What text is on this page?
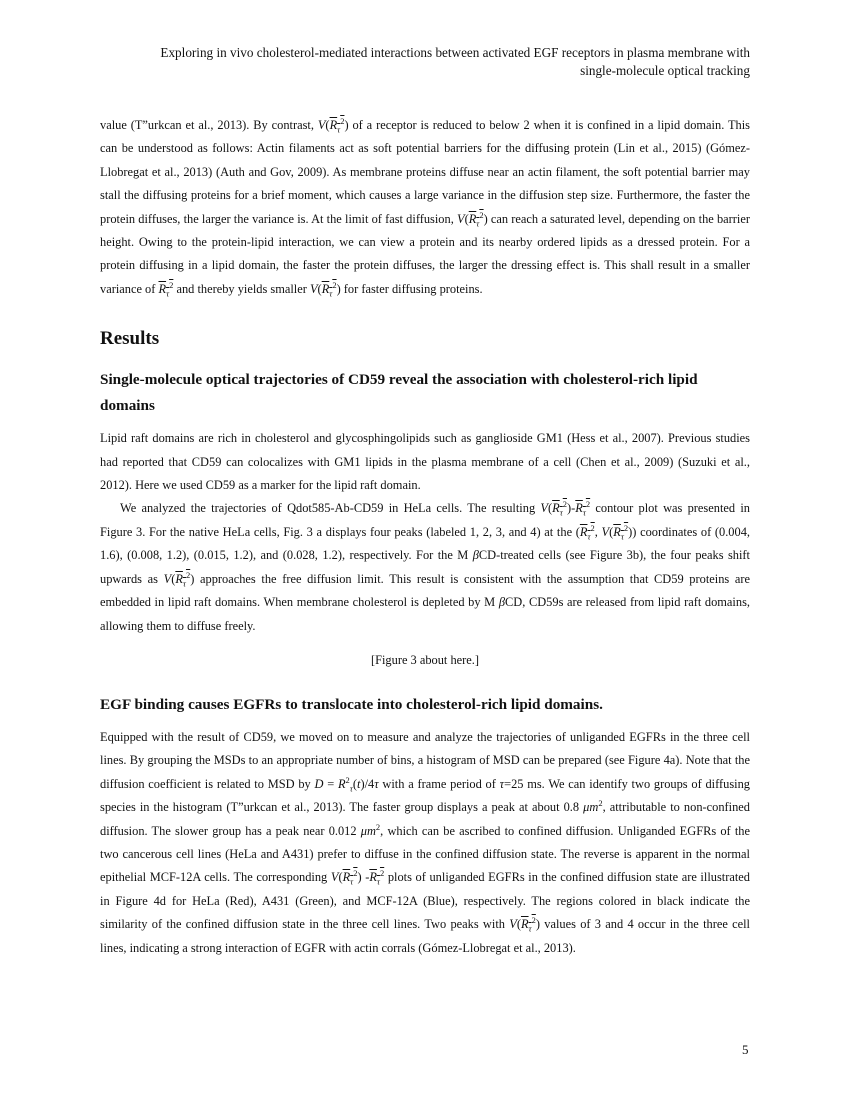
Exploring in vivo cholesterol-mediated interactions between activated EGF receptors in plasma membrane with
single-molecule optical tracking

value (T”urkcan et al., 2013). By contrast, $V(R_\tau^2)$ of a receptor is reduced to below 2 when it is confined in a lipid domain. This can be understood as follows: Actin filaments act as soft potential barriers for the diffusing protein (Lin et al., 2015) (Gómez-Llobregat et al., 2013) (Auth and Gov, 2009). As membrane proteins diffuse near an actin filament, the soft potential barrier may stall the diffusing proteins for a brief moment, which causes a large variance in the diffusion step size. Furthermore, the faster the protein diffuses, the larger the variance is. At the limit of fast diffusion, $V(R_\tau^2)$ can reach a saturated level, depending on the barrier height. Owing to the protein-lipid interaction, we can view a protein and its nearby ordered lipids as a dressed protein. For a protein diffusing in a lipid domain, the faster the protein diffuses, the larger the dressing effect is. This shall result in a smaller variance of $R_\tau^2$ and thereby yields smaller $V(R_\tau^2)$ for faster diffusing proteins.

Results
Single-molecule optical trajectories of CD59 reveal the association with cholesterol-rich lipid domains

Lipid raft domains are rich in cholesterol and glycosphingolipids such as ganglioside GM1 (Hess et al., 2007). Previous studies had reported that CD59 can colocalizes with GM1 lipids in the plasma membrane of a cell (Chen et al., 2009) (Suzuki et al., 2012). Here we used CD59 as a marker for the lipid raft domain.

We analyzed the trajectories of Qdot585-Ab-CD59 in HeLa cells. The resulting $V(R_\tau^2)-R_\tau^2$ contour plot was presented in Figure 3. For the native HeLa cells, Fig. 3 a displays four peaks (labeled 1, 2, 3, and 4) at the ($R_\tau^2$, $V(R_\tau^2)$) coordinates of (0.004, 1.6), (0.008, 1.2), (0.015, 1.2), and (0.028, 1.2), respectively. For the M βCD-treated cells (see Figure 3b), the four peaks shift upwards as $V(R_\tau^2)$ approaches the free diffusion limit. This result is consistent with the assumption that CD59 proteins are embedded in lipid raft domains. When membrane cholesterol is depleted by M βCD, CD59s are released from lipid raft domains, allowing them to diffuse freely.

[Figure 3 about here.]
EGF binding causes EGFRs to translocate into cholesterol-rich lipid domains.

Equipped with the result of CD59, we moved on to measure and analyze the trajectories of unliganded EGFRs in the three cell lines. By grouping the MSDs to an appropriate number of bins, a histogram of MSD can be prepared (see Figure 4a). Note that the diffusion coefficient is related to MSD by $D = R^2_\tau(t)/4\tau$ with a frame period of τ=25 ms. We can identify two groups of diffusing species in the histogram (T”urkcan et al., 2013). The faster group displays a peak at about 0.8 $\mu m^2$, attributable to non-confined diffusion. The slower group has a peak near 0.012 $\mu m^2$, which can be ascribed to confined diffusion. Unliganded EGFRs of the two cancerous cell lines (HeLa and A431) prefer to diffuse in the confined diffusion state. The reverse is apparent in the normal epithelial MCF-12A cells. The corresponding $V(R_\tau^2)$ $-R_\tau^2$ plots of unliganded EGFRs in the confined diffusion state are illustrated in Figure 4d for HeLa (Red), A431 (Green), and MCF-12A (Blue), respectively. The regions colored in black indicate the similarity of the confined diffusion state in the three cell lines. Two peaks with $V(R_\tau^2)$ values of 3 and 4 occur in the three cell lines, indicating a strong interaction of EGFR with actin corrals (Gómez-Llobregat et al., 2013).

5
